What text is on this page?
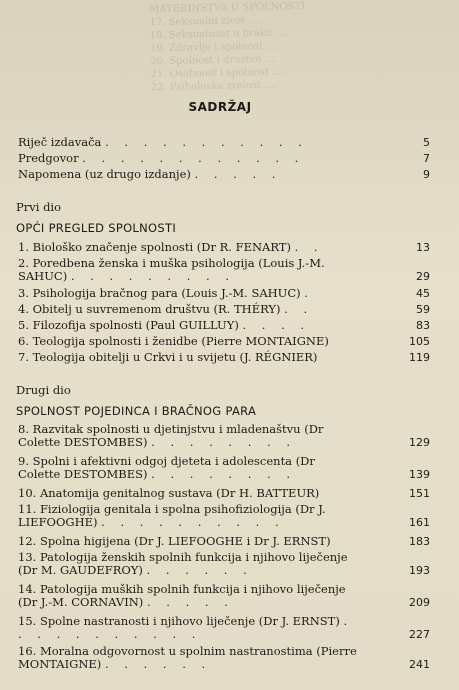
MATERINSTVA U SPOLNOSTI
17. Seksualni zivot ....
18. Seksualnost u braku ....
19. Zdravlje i spolnost ....
20. Spolnost i drustvo ....
21. Osobnost i spolnost ....
22. Psiholoska zrelost ....
SADRŽAJ
Riječ izdavača . . . . . . . . . . .	5
Predgovor . . . . . . . . . . . .	7
Napomena (uz drugo izdanje) . . . . .	9
Prvi dio
OPĆI PREGLED SPOLNOSTI
1. Biološko značenje spolnosti (Dr R. FENART) . .	13
2. Poredbena ženska i muška psihologija (Louis J.-M. SAHUC) . . . . . . . . .	29
3. Psihologija bračnog para (Louis J.-M. SAHUC) .	45
4. Obitelj u suvremenom društvu (R. THÉRY) . .	59
5. Filozofija spolnosti (Paul GUILLUY) . . . .	83
6. Teologija spolnosti i ženidbe (Pierre MONTAIGNE)	105
7. Teologija obitelji u Crkvi i u svijetu (J. RÉGNIER)	119
Drugi dio
SPOLNOST POJEDINCA I BRAČNOG PARA
8. Razvitak spolnosti u djetinjstvu i mladenaštvu (Dr Colette DESTOMBES) . . . . . . . .	129
9. Spolni i afektivni odgoj djeteta i adolescenta (Dr Colette DESTOMBES) . . . . . . . .	139
10. Anatomija genitalnog sustava (Dr H. BATTEUR)	151
11. Fiziologija genitala i spolna psihofiziologija (Dr J. LIEFOOGHE) . . . . . . . . . .	161
12. Spolna higijena (Dr J. LIEFOOGHE i Dr J. ERNST)	183
13. Patologija ženskih spolnih funkcija i njihovo liječenje (Dr M. GAUDEFROY) . . . . . .	193
14. Patologija muških spolnih funkcija i njihovo liječenje (Dr J.-M. CORNAVIN) . . . . .	209
15. Spolne nastranosti i njihovo liječenje (Dr J. ERNST) . . . . . . . . . . .	227
16. Moralna odgovornost u spolnim nastranostima (Pierre MONTAIGNE) . . . . . .	241
